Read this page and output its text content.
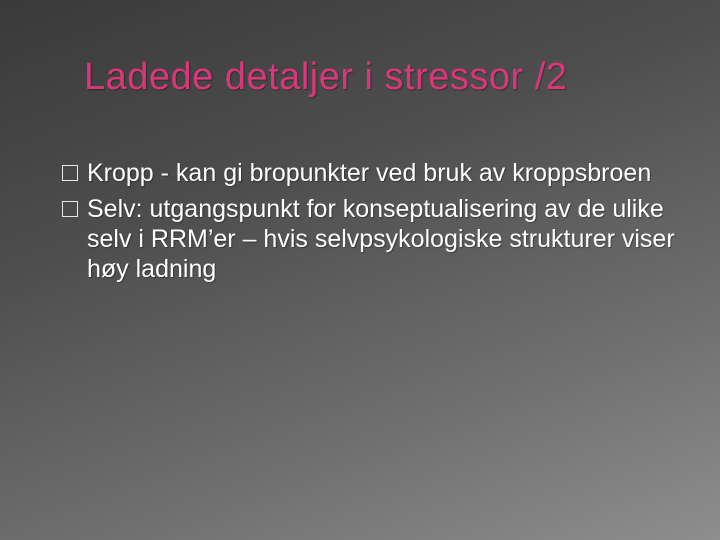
Ladede detaljer i stressor /2
Kropp - kan gi bropunkter ved bruk av kroppsbroen
Selv: utgangspunkt for konseptualisering av de ulike selv i RRM’er – hvis selvpsykologiske strukturer viser høy ladning
